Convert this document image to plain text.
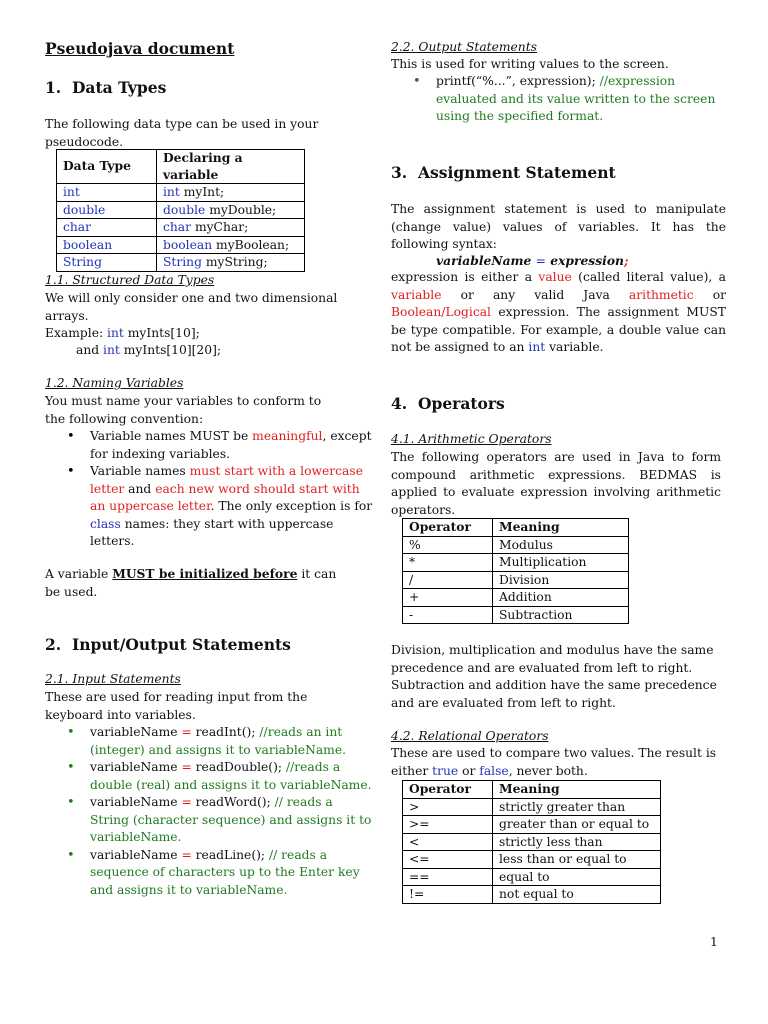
Pseudojava document
1. Data Types
The following data type can be used in your pseudocode.
Data Type	Declaring a variable
int	int myInt;
double	double myDouble;
char	char myChar;
boolean	boolean myBoolean;
String	String myString;
1.1. Structured Data Types
We will only consider one and two dimensional arrays.
Example: int myInts[10];
and int myInts[10][20];
1.2. Naming Variables
You must name your variables to conform to the following convention:
• Variable names MUST be meaningful, except for indexing variables.
• Variable names must start with a lowercase letter and each new word should start with an uppercase letter. The only exception is for class names: they start with uppercase letters.
A variable MUST be initialized before it can be used.
2. Input/Output Statements
2.1. Input Statements
These are used for reading input from the keyboard into variables.
• variableName = readInt(); //reads an int (integer) and assigns it to variableName.
• variableName = readDouble(); //reads a double (real) and assigns it to variableName.
• variableName = readWord(); // reads a String (character sequence) and assigns it to variableName.
• variableName = readLine(); // reads a sequence of characters up to the Enter key and assigns it to variableName.
2.2. Output Statements
This is used for writing values to the screen.
• printf(“%...”, expression); //expression evaluated and its value written to the screen using the specified format.
3. Assignment Statement
The assignment statement is used to manipulate (change value) values of variables. It has the following syntax:
variableName = expression;
expression is either a value (called literal value), a variable or any valid Java arithmetic or Boolean/Logical expression. The assignment MUST be type compatible. For example, a double value can not be assigned to an int variable.
4. Operators
4.1. Arithmetic Operators
The following operators are used in Java to form compound arithmetic expressions. BEDMAS is applied to evaluate expression involving arithmetic operators.
Operator	Meaning
%	Modulus
*	Multiplication
/	Division
+	Addition
-	Subtraction
Division, multiplication and modulus have the same precedence and are evaluated from left to right.
Subtraction and addition have the same precedence and are evaluated from left to right.
4.2. Relational Operators
These are used to compare two values. The result is either true or false, never both.
Operator	Meaning
>	strictly greater than
>=	greater than or equal to
<	strictly less than
<=	less than or equal to
==	equal to
!=	not equal to
1
